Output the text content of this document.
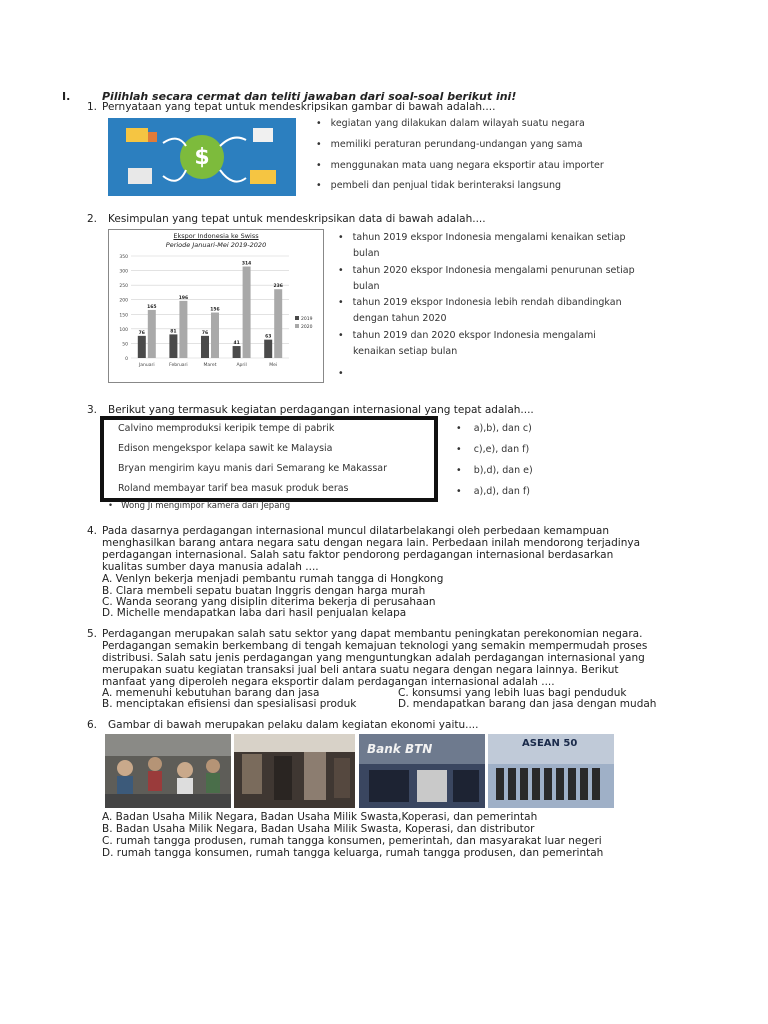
I.	Pilihlah secara cermat dan teliti jawaban dari soal-soal berikut ini!
1. Pernyataan yang tepat untuk mendeskripsikan gambar di bawah adalah....
$
•   kegiatan yang dilakukan dalam wilayah suatu negara
•   memiliki peraturan perundang-undangan yang sama
•   menggunakan mata uang negara eksportir atau importer
•   pembeli dan penjual tidak berinteraksi langsung
2. Kesimpulan yang tepat untuk mendeskripsikan data di bawah adalah....
Ekspor Indonesia ke Swiss
Periode Januari-Mei 2019-2020
350
300
250
200
150
100
50
0
76
165
Januari
81
196
Februari
76
156
Maret
41
314
April
63
236
Mei
2019
2020
•   tahun 2019 ekspor Indonesia mengalami kenaikan setiap
bulan
•   tahun 2020 ekspor Indonesia mengalami penurunan setiap
bulan
•   tahun 2019 ekspor Indonesia lebih rendah dibandingkan
dengan tahun 2020
•   tahun 2019 dan 2020 ekspor Indonesia mengalami
kenaikan setiap bulan
•
3. Berikut yang termasuk kegiatan perdagangan internasional yang tepat adalah....
Calvino memproduksi keripik tempe di pabrik
Edison mengekspor kelapa sawit ke Malaysia
Bryan mengirim kayu manis dari Semarang ke Makassar
Roland membayar tarif bea masuk produk beras
•   Wong Ji mengimpor kamera dari Jepang
•    a),b), dan c)
•    c),e), dan f)
•    b),d), dan e)
•    a),d), dan f)
4. Pada dasarnya perdagangan internasional muncul dilatarbelakangi oleh perbedaan kemampuan
menghasilkan barang antara negara satu dengan negara lain. Perbedaan inilah mendorong terjadinya
perdagangan internasional. Salah satu faktor pendorong perdagangan internasional berdasarkan
kualitas sumber daya manusia adalah ....
A. Venlyn bekerja menjadi pembantu rumah tangga di Hongkong
B. Clara membeli sepatu buatan Inggris dengan harga murah
C. Wanda seorang yang disiplin diterima bekerja di perusahaan
D. Michelle mendapatkan laba dari hasil penjualan kelapa
5. Perdagangan merupakan salah satu sektor yang dapat membantu peningkatan perekonomian negara.
Perdagangan semakin berkembang di tengah kemajuan teknologi yang semakin mempermudah proses
distribusi. Salah satu jenis perdagangan yang menguntungkan adalah perdagangan internasional yang
merupakan suatu kegiatan transaksi jual beli antara suatu negara dengan negara lainnya. Berikut
manfaat yang diperoleh negara eksportir dalam perdagangan internasional adalah ....
A. memenuhi kebutuhan barang dan jasa	C. konsumsi yang lebih luas bagi penduduk
B. menciptakan efisiensi dan spesialisasi produk	D. mendapatkan barang dan jasa dengan mudah
6. Gambar di bawah merupakan pelaku dalam kegiatan ekonomi yaitu....
Bank BTN	ASEAN 50
A. Badan Usaha Milik Negara, Badan Usaha Milik Swasta,Koperasi, dan pemerintah
B. Badan Usaha Milik Negara, Badan Usaha Milik Swasta, Koperasi, dan distributor
C. rumah tangga produsen, rumah tangga konsumen, pemerintah, dan masyarakat luar negeri
D. rumah tangga konsumen, rumah tangga keluarga, rumah tangga produsen, dan pemerintah
